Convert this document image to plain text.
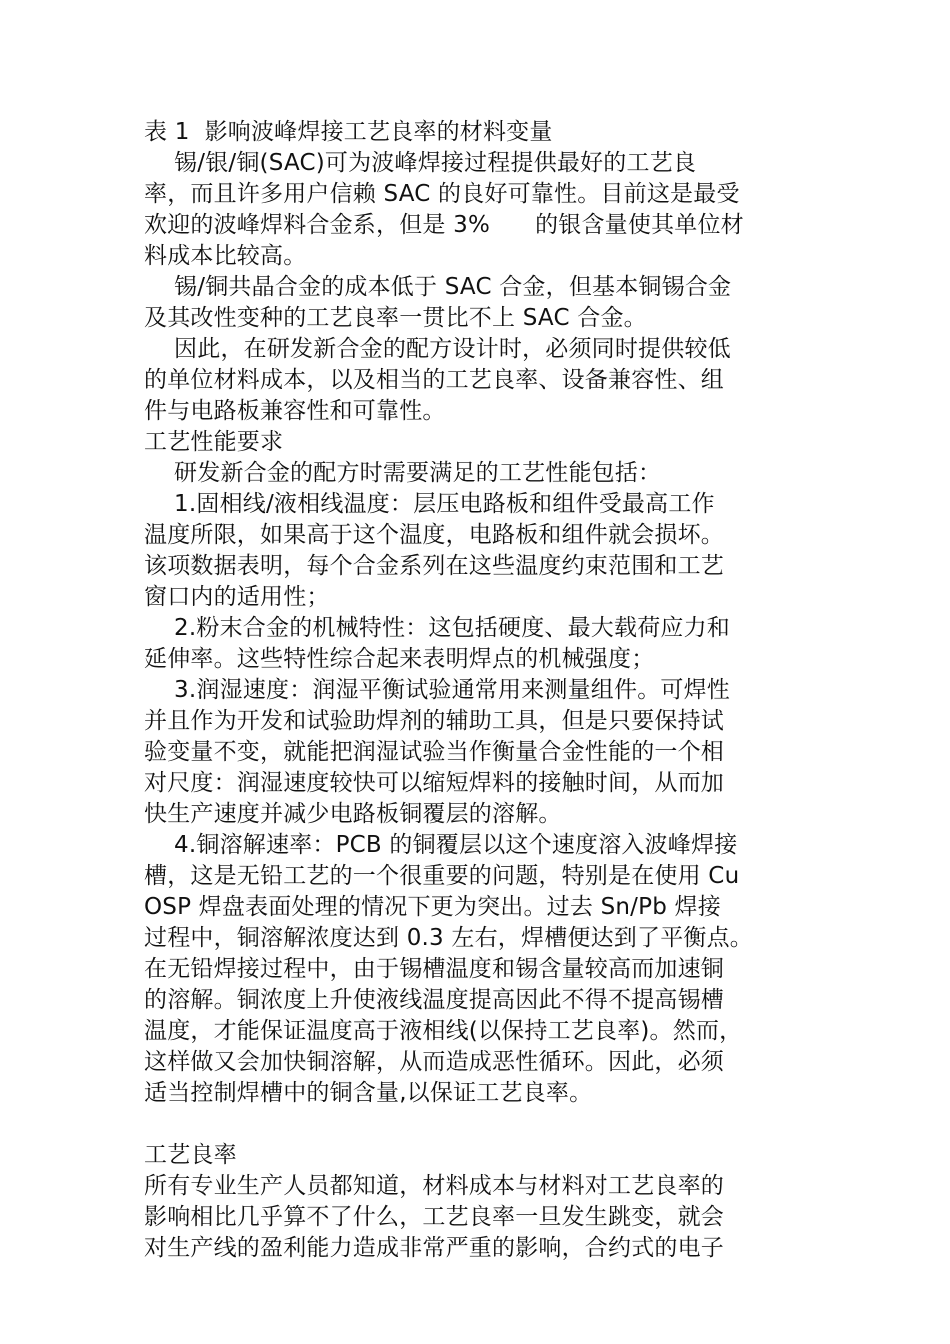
表 1  影响波峰焊接工艺良率的材料变量
锡/银/铜(SAC)可为波峰焊接过程提供最好的工艺良
率，而且许多用户信赖 SAC 的良好可靠性。目前这是最受
欢迎的波峰焊料合金系，但是 3%      的银含量使其单位材
料成本比较高。
锡/铜共晶合金的成本低于 SAC 合金，但基本铜锡合金
及其改性变种的工艺良率一贯比不上 SAC 合金。
因此，在研发新合金的配方设计时，必须同时提供较低
的单位材料成本，以及相当的工艺良率、设备兼容性、组
件与电路板兼容性和可靠性。
工艺性能要求
研发新合金的配方时需要满足的工艺性能包括：
1.固相线/液相线温度：层压电路板和组件受最高工作
温度所限，如果高于这个温度，电路板和组件就会损坏。
该项数据表明，每个合金系列在这些温度约束范围和工艺
窗口内的适用性；
2.粉末合金的机械特性：这包括硬度、最大载荷应力和
延伸率。这些特性综合起来表明焊点的机械强度；
3.润湿速度：润湿平衡试验通常用来测量组件。可焊性
并且作为开发和试验助焊剂的辅助工具，但是只要保持试
验变量不变，就能把润湿试验当作衡量合金性能的一个相
对尺度：润湿速度较快可以缩短焊料的接触时间，从而加
快生产速度并减少电路板铜覆层的溶解。
4.铜溶解速率：PCB 的铜覆层以这个速度溶入波峰焊接
槽，这是无铅工艺的一个很重要的问题，特别是在使用 Cu
OSP 焊盘表面处理的情况下更为突出。过去 Sn/Pb 焊接
过程中，铜溶解浓度达到 0.3 左右，焊槽便达到了平衡点。
在无铅焊接过程中，由于锡槽温度和锡含量较高而加速铜
的溶解。铜浓度上升使液线温度提高因此不得不提高锡槽
温度，才能保证温度高于液相线(以保持工艺良率)。然而，
这样做又会加快铜溶解，从而造成恶性循环。因此，必须
适当控制焊槽中的铜含量,以保证工艺良率。
工艺良率
所有专业生产人员都知道，材料成本与材料对工艺良率的
影响相比几乎算不了什么，工艺良率一旦发生跳变，就会
对生产线的盈利能力造成非常严重的影响，合约式的电子
